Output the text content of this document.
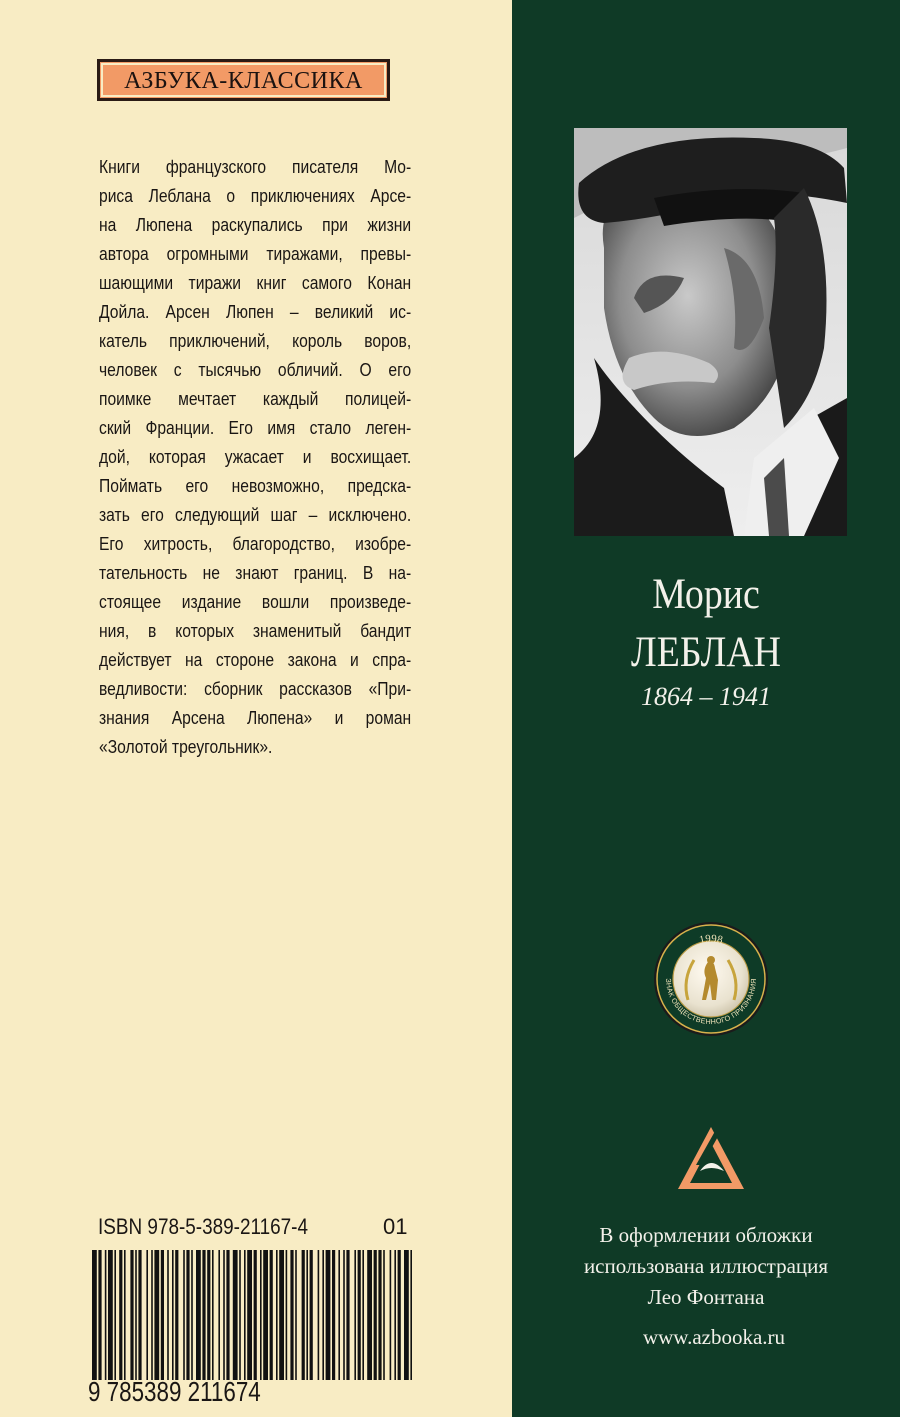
АЗБУКА-КЛАССИКА
Книги французского писателя Мо-
риса Леблана о приключениях Арсе-
на Люпена раскупались при жизни
автора огромными тиражами, превы-
шающими тиражи книг самого Конан
Дойла. Арсен Люпен – великий ис-
катель приключений, король воров,
человек с тысячью обличий. О его
поимке мечтает каждый полицей-
ский Франции. Его имя стало леген-
дой, которая ужасает и восхищает.
Поймать его невозможно, предска-
зать его следующий шаг – исключено.
Его хитрость, благородство, изобре-
тательность не знают границ. В на-
стоящее издание вошли произведе-
ния, в которых знаменитый бандит
действует на стороне закона и спра-
ведливости: сборник рассказов «При-
знания Арсена Люпена» и роман
«Золотой треугольник».
ISBN 978-5-389-21167-4	01
9 785389 211674
Морис
ЛЕБЛАН
1864 – 1941
1998
ЗНАК ОБЩЕСТВЕННОГО ПРИЗНАНИЯ
В оформлении обложки
использована иллюстрация
Лео Фонтана
www.azbooka.ru
